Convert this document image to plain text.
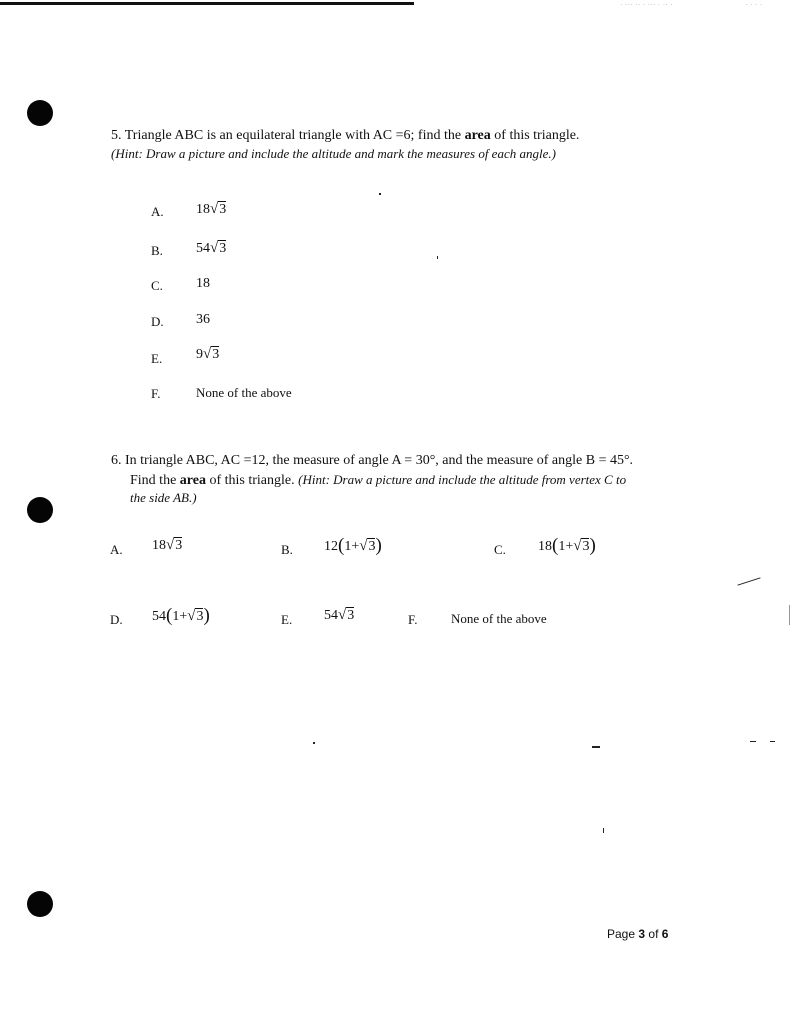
· ··· ·· · ··· · ·· ·	· · · ·
5. Triangle ABC is an equilateral triangle with AC =6; find the area of this triangle.
(Hint: Draw a picture and include the altitude and mark the measures of each angle.)
A. 18√3
B. 54√3
C. 18
D. 36
E. 9√3
F.	None of the above
6. In triangle ABC, AC =12, the measure of angle A = 30°, and the measure of angle B = 45°.
Find the area of this triangle. (Hint: Draw a picture and include the altitude from vertex C to
the side AB.)
A. 18√3	B. 12(1+√3)	C. 18(1+√3)
D. 54(1+√3)	E. 54√3	F.	None of the above
Page 3 of 6
